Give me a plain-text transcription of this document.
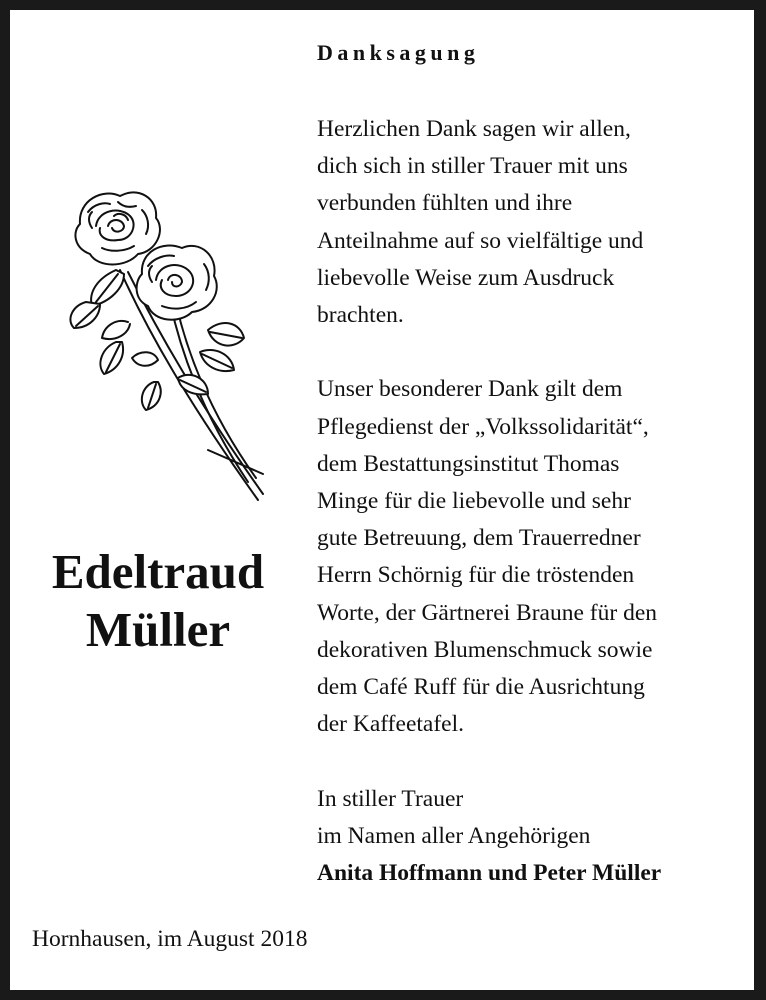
Danksagung
Herzlichen Dank sagen wir allen,
dich sich in stiller Trauer mit uns
verbunden fühlten und ihre
Anteilnahme auf so vielfältige und
liebevolle Weise zum Ausdruck
brachten.
Unser besonderer Dank gilt dem
Pflegedienst der „Volkssolidarität“,
dem Bestattungsinstitut Thomas
Minge für die liebevolle und sehr
gute Betreuung, dem Trauerredner
Herrn Schörnig für die tröstenden
Worte, der Gärtnerei Braune für den
dekorativen Blumenschmuck sowie
dem Café Ruff für die Ausrichtung
der Kaffeetafel.
In stiller Trauer
im Namen aller Angehörigen
Anita Hoffmann und Peter Müller
Edeltraud
Müller
Hornhausen, im August 2018
